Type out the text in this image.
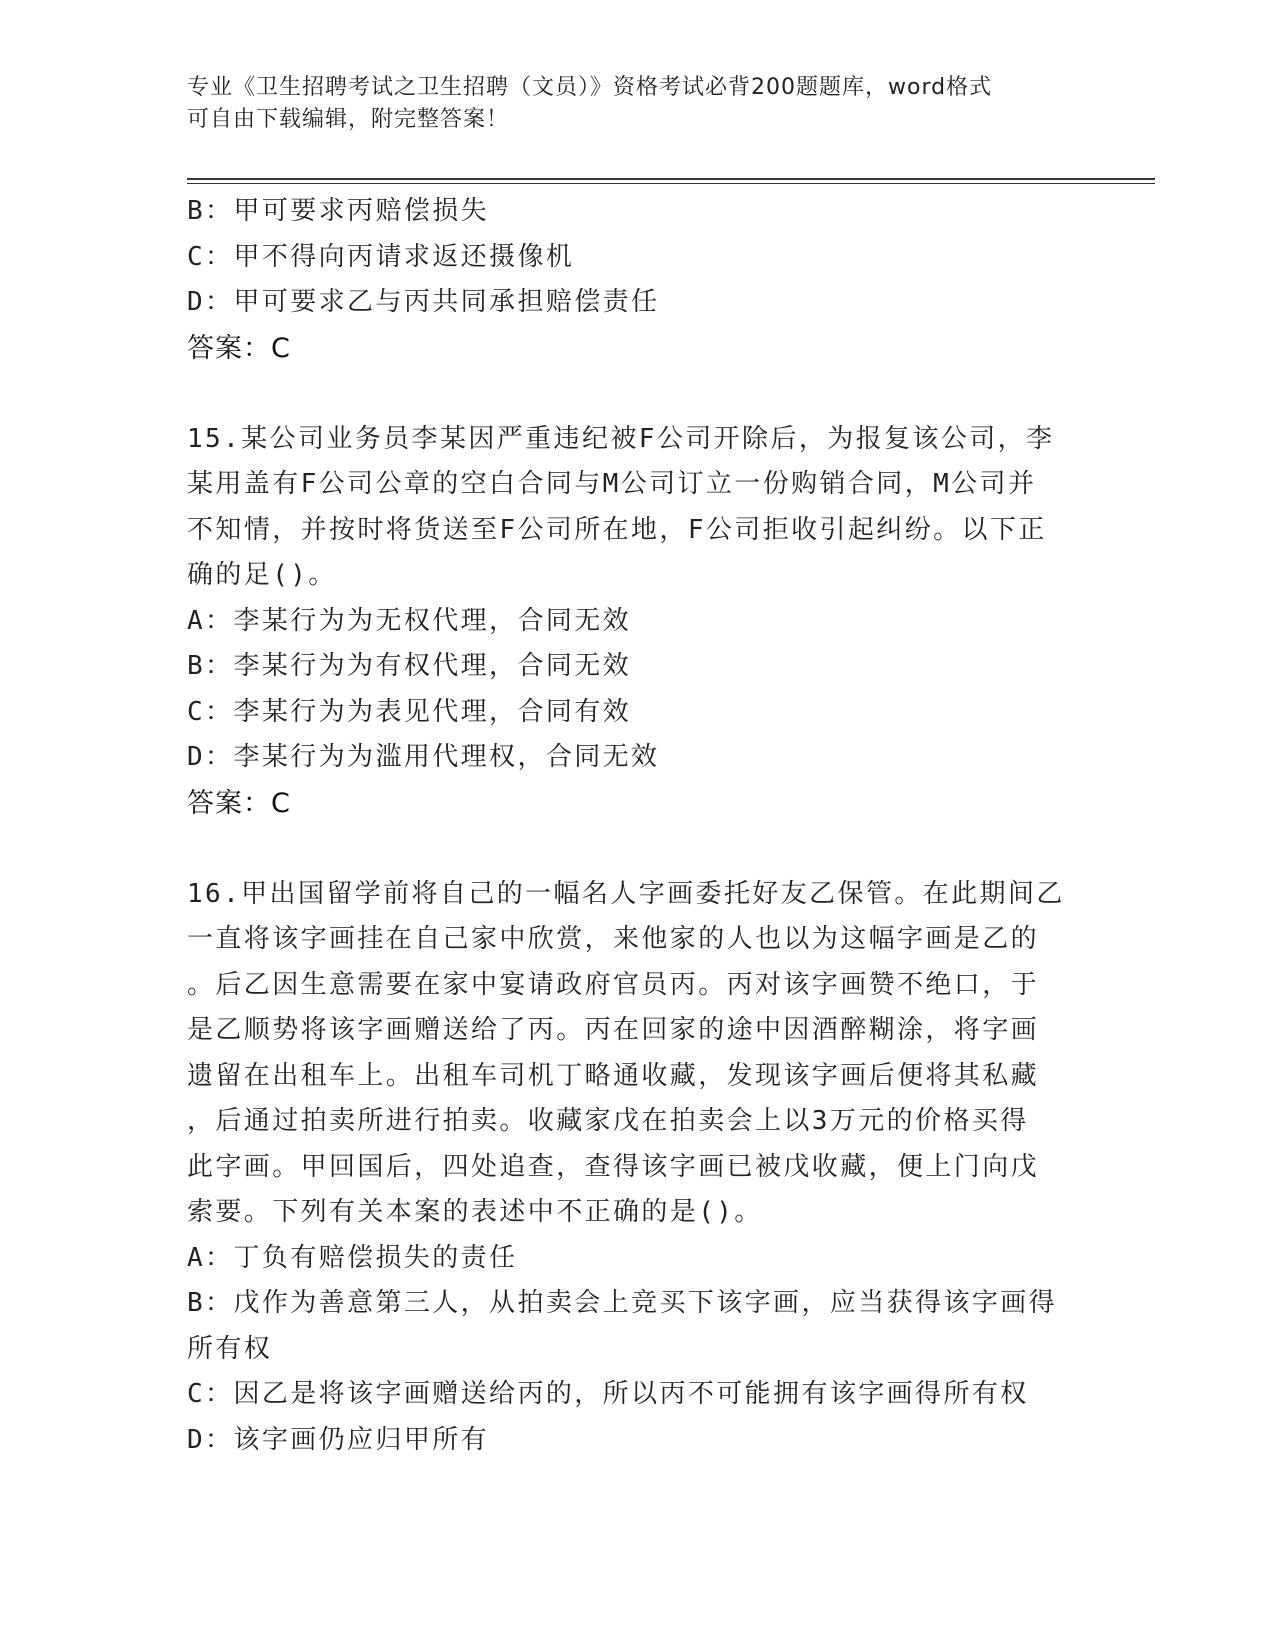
专业《卫生招聘考试之卫生招聘（文员）》资格考试必背200题题库，word格式
可自由下载编辑，附完整答案！
B：甲可要求丙赔偿损失
C：甲不得向丙请求返还摄像机
D：甲可要求乙与丙共同承担赔偿责任
答案：C
15.某公司业务员李某因严重违纪被F公司开除后，为报复该公司，李
某用盖有F公司公章的空白合同与M公司订立一份购销合同，M公司并
不知情，并按时将货送至F公司所在地，F公司拒收引起纠纷。以下正
确的足()。
A：李某行为为无权代理，合同无效
B：李某行为为有权代理，合同无效
C：李某行为为表见代理，合同有效
D：李某行为为滥用代理权，合同无效
答案：C
16.甲出国留学前将自己的一幅名人字画委托好友乙保管。在此期间乙
一直将该字画挂在自己家中欣赏，来他家的人也以为这幅字画是乙的
。后乙因生意需要在家中宴请政府官员丙。丙对该字画赞不绝口，于
是乙顺势将该字画赠送给了丙。丙在回家的途中因酒醉糊涂，将字画
遗留在出租车上。出租车司机丁略通收藏，发现该字画后便将其私藏
，后通过拍卖所进行拍卖。收藏家戊在拍卖会上以3万元的价格买得
此字画。甲回国后，四处追查，查得该字画已被戊收藏，便上门向戊
索要。下列有关本案的表述中不正确的是()。
A：丁负有赔偿损失的责任
B：戊作为善意第三人，从拍卖会上竞买下该字画，应当获得该字画得
所有权
C：因乙是将该字画赠送给丙的，所以丙不可能拥有该字画得所有权
D：该字画仍应归甲所有
